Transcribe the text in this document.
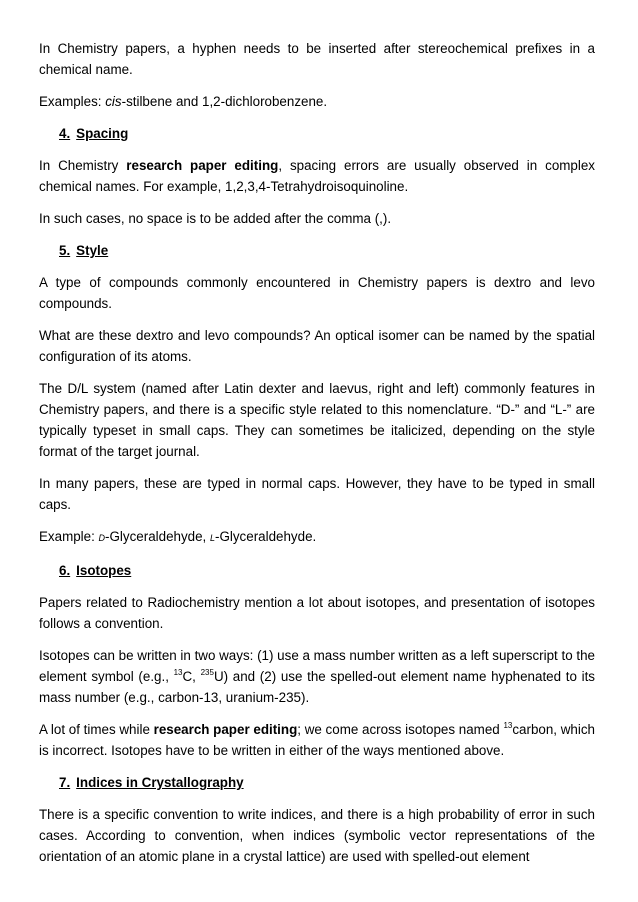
In Chemistry papers, a hyphen needs to be inserted after stereochemical prefixes in a chemical name.

Examples: cis-stilbene and 1,2-dichlorobenzene.

4. Spacing

In Chemistry research paper editing, spacing errors are usually observed in complex chemical names. For example, 1,2,3,4-Tetrahydroisoquinoline.

In such cases, no space is to be added after the comma (,).

5. Style

A type of compounds commonly encountered in Chemistry papers is dextro and levo compounds.

What are these dextro and levo compounds? An optical isomer can be named by the spatial configuration of its atoms.

The D/L system (named after Latin dexter and laevus, right and left) commonly features in Chemistry papers, and there is a specific style related to this nomenclature. “D-” and “L-” are typically typeset in small caps. They can sometimes be italicized, depending on the style format of the target journal.

In many papers, these are typed in normal caps. However, they have to be typed in small caps.

Example: D-Glyceraldehyde, L-Glyceraldehyde.

6. Isotopes

Papers related to Radiochemistry mention a lot about isotopes, and presentation of isotopes follows a convention.

Isotopes can be written in two ways: (1) use a mass number written as a left superscript to the element symbol (e.g., $^{13}$C, $^{235}$U) and (2) use the spelled-out element name hyphenated to its mass number (e.g., carbon-13, uranium-235).

A lot of times while research paper editing; we come across isotopes named $^{13}$carbon, which is incorrect. Isotopes have to be written in either of the ways mentioned above.

7. Indices in Crystallography

There is a specific convention to write indices, and there is a high probability of error in such cases. According to convention, when indices (symbolic vector representations of the orientation of an atomic plane in a crystal lattice) are used with spelled-out element
